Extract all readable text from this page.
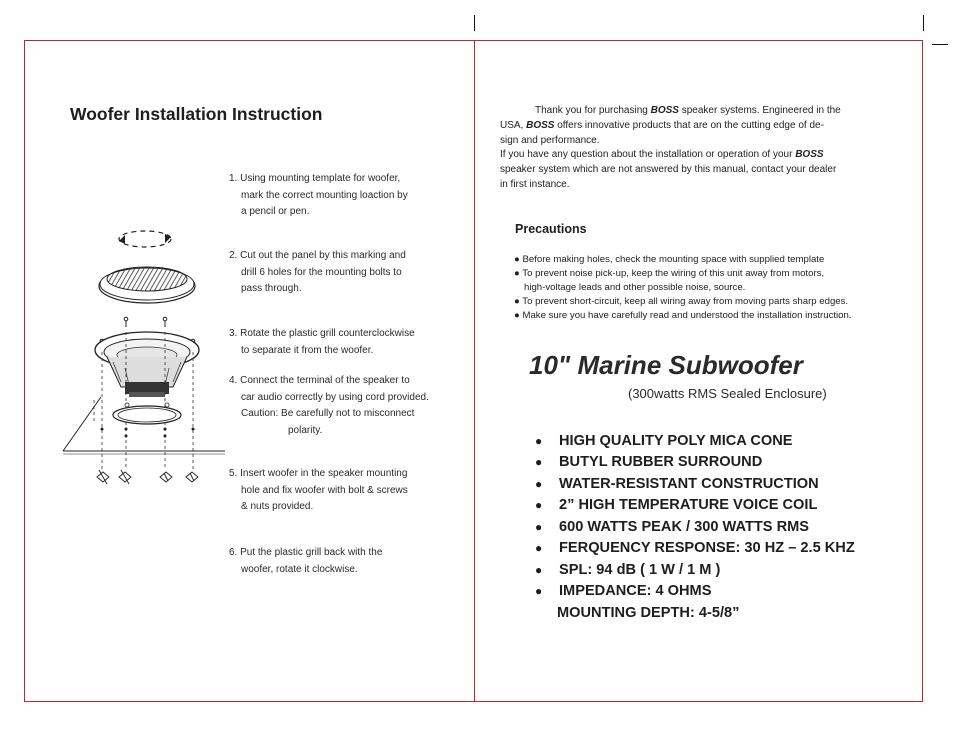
Woofer Installation Instruction
1. Using mounting template for woofer,
mark the correct mounting loaction by
a pencil or pen.
2. Cut out the panel by this marking and
drill 6 holes for the mounting bolts to
pass through.
3. Rotate the plastic grill counterclockwise
to separate it from the woofer.
4. Connect the terminal of the speaker to
car audio correctly by using cord provided.
Caution: Be carefully not to misconnect
polarity.
5. Insert woofer in the speaker mounting
hole and fix woofer with bolt & screws
& nuts provided.
6. Put the plastic grill back with the
woofer, rotate it clockwise.
Thank you for purchasing BOSS speaker systems. Engineered in the
USA, BOSS offers innovative products that are on the cutting edge of de-
sign and performance.
If you have any question about the installation or operation of your BOSS
speaker system which are not answered by this manual, contact your dealer
in first instance.
Precautions
● Before making holes, check the mounting space with supplied template
● To prevent noise pick-up, keep the wiring of this unit away from motors,
high-voltage leads and other possible noise, source.
● To prevent short-circuit, keep all wiring away from moving parts sharp edges.
● Make sure you have carefully read and understood the installation instruction.
10" Marine Subwoofer
(300watts RMS Sealed Enclosure)
●	HIGH QUALITY POLY MICA CONE
●	BUTYL RUBBER SURROUND
●	WATER-RESISTANT CONSTRUCTION
●	2” HIGH TEMPERATURE VOICE COIL
●	600 WATTS PEAK / 300 WATTS RMS
●	FERQUENCY RESPONSE: 30 HZ – 2.5 KHZ
●	SPL: 94 dB ( 1 W / 1 M )
●	IMPEDANCE: 4 OHMS
MOUNTING DEPTH: 4-5/8”
